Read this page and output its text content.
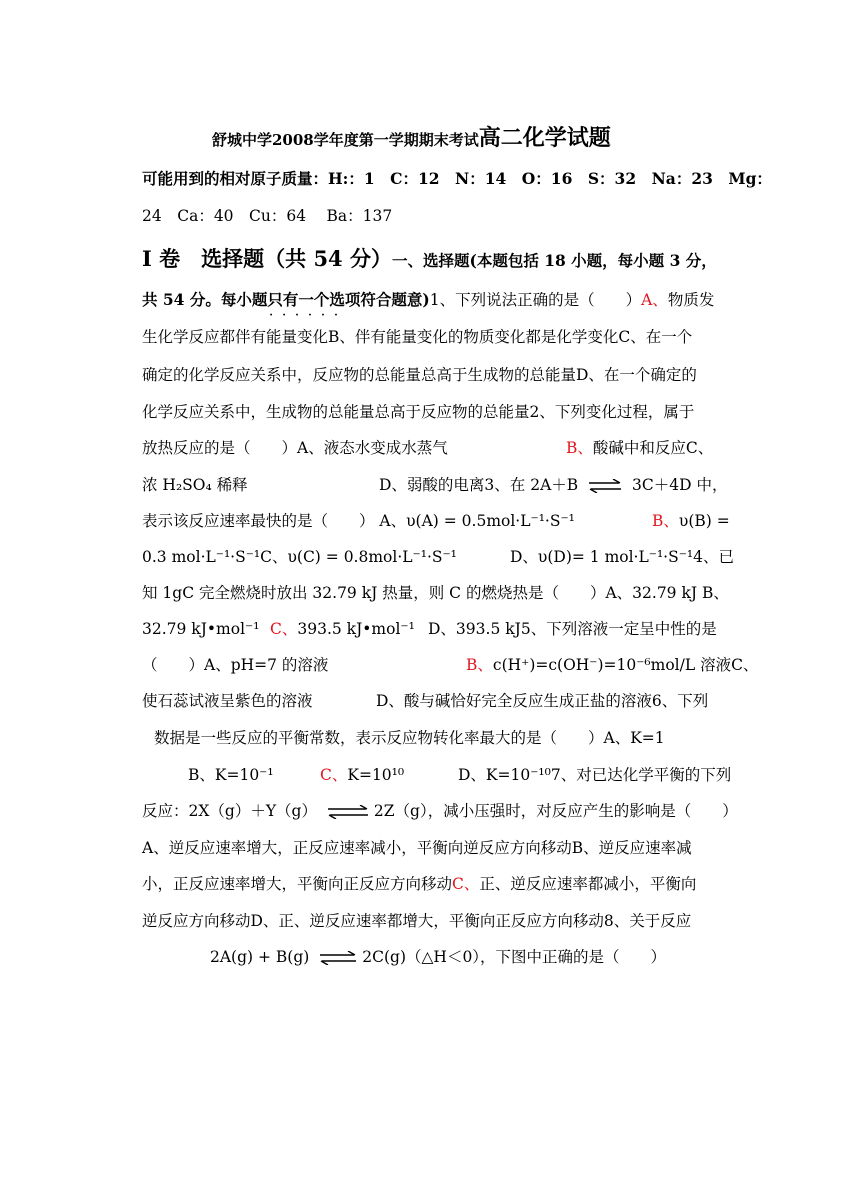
舒城中学2008学年度第一学期期末考试高二化学试题
可能用到的相对原子质量：H:：1　C：12　N：14　O：16　S：32　Na：23　Mg：
24　Ca：40　Cu：64　 Ba：137
I 卷　选择题（共 54 分）一、选择题(本题包括 18 小题，每小题 3 分，
共 54 分。每小题只有一个选项 · · ·符合题意)1、下列说法正确的是（　　）A、物质发
生化学反应都伴有能量变化B、伴有能量变化的物质变化都是化学变化C、在一个
确定的化学反应关系中，反应物的总能量总高于生成物的总能量D、在一个确定的
化学反应关系中，生成物的总能量总高于反应物的总能量2、下列变化过程，属于
放热反应的是（　　）A、液态水变成水蒸气	B、酸碱中和反应C、
浓 H₂SO₄ 稀释	D、弱酸的电离3、在 2A＋B ⇌ 3C＋4D 中，
表示该反应速率最快的是（　　） A、υ(A) = 0.5mol·L⁻¹·S⁻¹	B、υ(B) =
0.3 mol·L⁻¹·S⁻¹C、υ(C) = 0.8mol·L⁻¹·S⁻¹	D、υ(D)= 1 mol·L⁻¹·S⁻¹4、已
知 1gC 完全燃烧时放出 32.79 kJ 热量，则 C 的燃烧热是（　　）A、32.79 kJ B、
32.79 kJ•mol⁻¹ C、393.5 kJ•mol⁻¹ D、393.5 kJ5、下列溶液一定呈中性的是
（　　）A、pH=7 的溶液	B、c(H⁺)=c(OH⁻)=10⁻⁶mol/L 溶液C、
使石蕊试液呈紫色的溶液	D、酸与碱恰好完全反应生成正盐的溶液6、下列
数据是一些反应的平衡常数，表示反应物转化率最大的是（　　）A、K=1
B、K=10⁻¹	C、K=10¹⁰	D、K=10⁻¹⁰7、对已达化学平衡的下列
反应：2X（g）＋Y（g） ⇌ 2Z（g），减小压强时，对反应产生的影响是（　　）
A、逆反应速率增大，正反应速率减小，平衡向逆反应方向移动B、逆反应速率减
小，正反应速率增大，平衡向正反应方向移动C、正、逆反应速率都减小，平衡向
逆反应方向移动D、正、逆反应速率都增大，平衡向正反应方向移动8、关于反应
2A(g) + B(g) ⇌ 2C(g)（△H＜0），下图中正确的是（　　）
